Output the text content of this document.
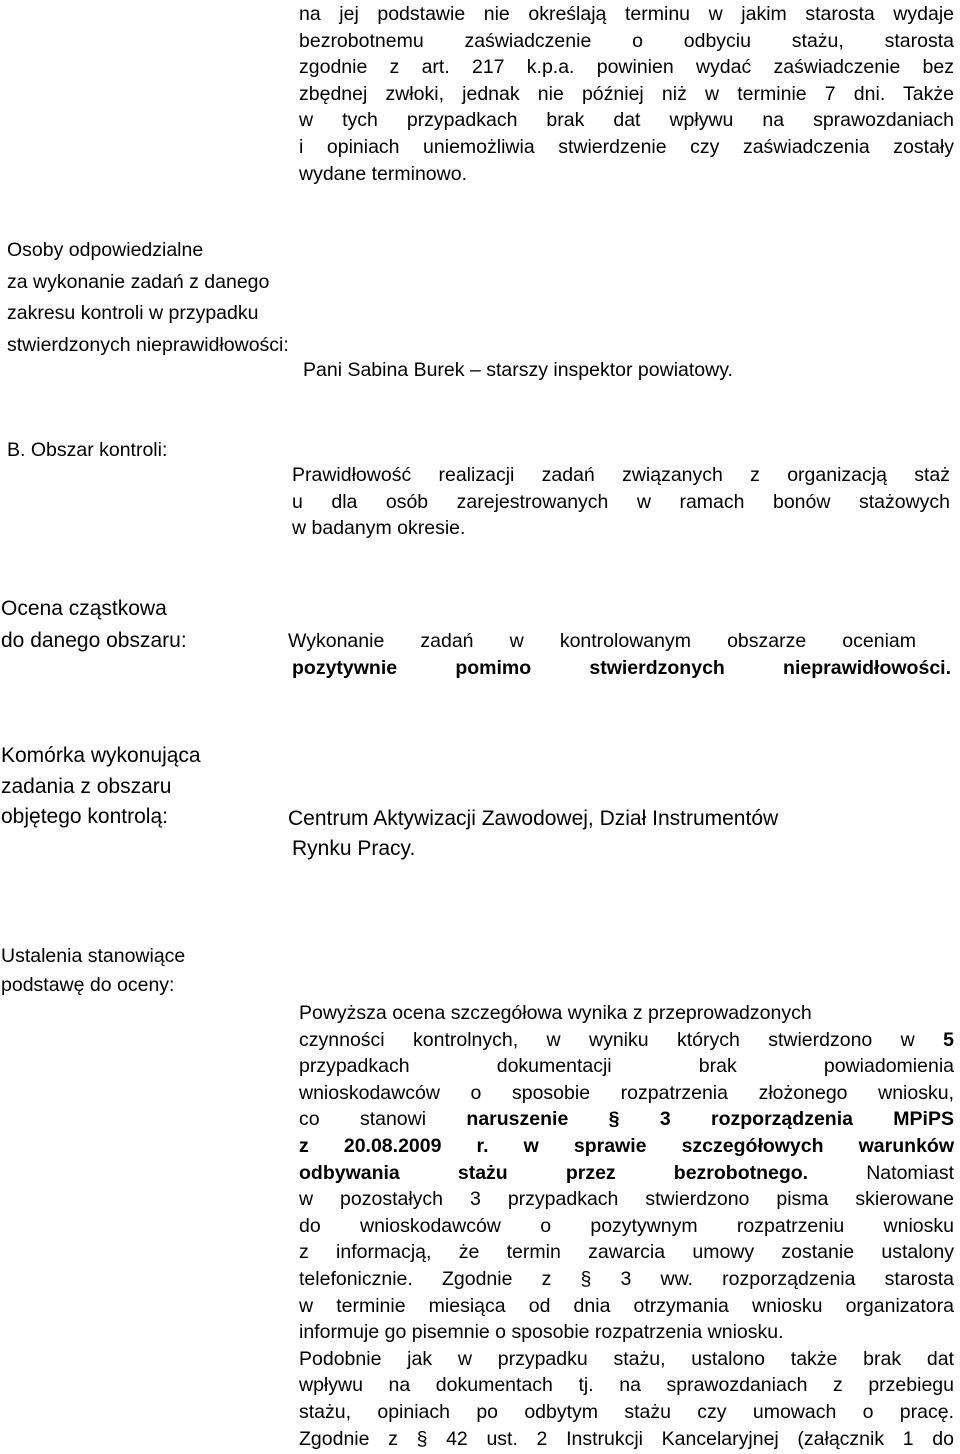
na jej podstawie nie określają terminu w jakim starosta wydaje

bezrobotnemu zaświadczenie o odbyciu stażu, starosta

zgodnie z art. 217 k.p.a. powinien wydać zaświadczenie bez

zbędnej zwłoki, jednak nie później niż w terminie 7 dni. Także

w tych przypadkach brak dat wpływu na sprawozdaniach

i opiniach uniemożliwia stwierdzenie czy zaświadczenia zostały

wydane terminowo.

Osoby odpowiedzialne
za wykonanie zadań z danego
zakresu kontroli w przypadku
stwierdzonych nieprawidłowości:
Pani Sabina Burek – starszy inspektor powiatowy.
B. Obszar kontroli:

Prawidłowość realizacji zadań związanych z organizacją staż

u dla osób zarejestrowanych w ramach bonów stażowych

w badanym okresie.

Ocena cząstkowa
do danego obszaru:	Wykonanie zadań w kontrolowanym obszarze oceniam

pozytywnie pomimo stwierdzonych nieprawidłowości.

Komórka wykonująca
zadania z obszaru
objętego kontrolą:	Centrum Aktywizacji Zawodowej, Dział Instrumentów
Rynku Pracy.
Ustalenia stanowiące
podstawę do oceny:

Powyższa ocena szczegółowa wynika z przeprowadzonych

czynności kontrolnych, w wyniku których stwierdzono w 5

przypadkach dokumentacji brak powiadomienia

wnioskodawców o sposobie rozpatrzenia złożonego wniosku,

co stanowi naruszenie § 3 rozporządzenia MPiPS

z 20.08.2009 r. w sprawie szczegółowych warunków

odbywania stażu przez bezrobotnego. Natomiast

w pozostałych 3 przypadkach stwierdzono pisma skierowane

do wnioskodawców o pozytywnym rozpatrzeniu wniosku

z informacją, że termin zawarcia umowy zostanie ustalony

telefonicznie. Zgodnie z § 3 ww. rozporządzenia starosta

w terminie miesiąca od dnia otrzymania wniosku organizatora

informuje go pisemnie o sposobie rozpatrzenia wniosku.

Podobnie jak w przypadku stażu, ustalono także brak dat

wpływu na dokumentach tj. na sprawozdaniach z przebiegu

stażu, opiniach po odbytym stażu czy umowach o pracę.

Zgodnie z § 42 ust. 2 Instrukcji Kancelaryjnej (załącznik 1 do
